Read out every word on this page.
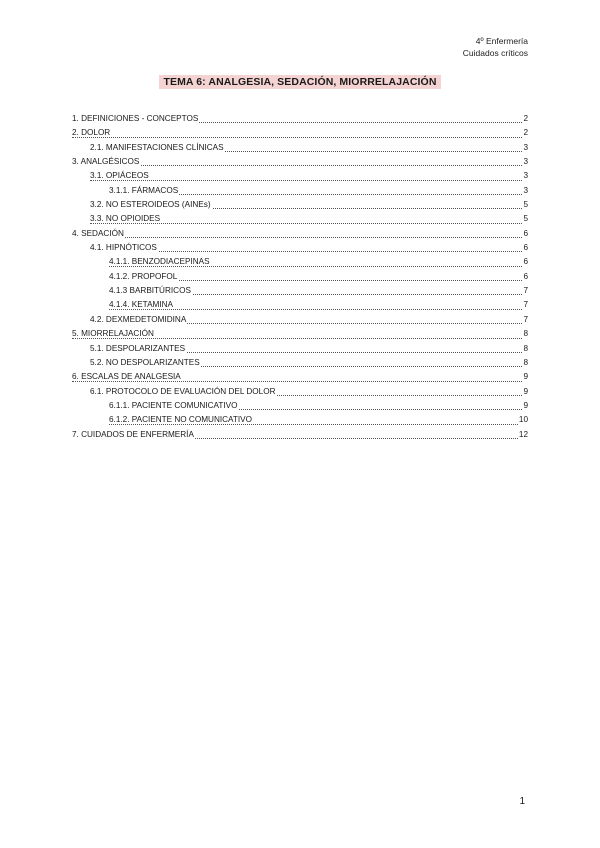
4º Enfermería
Cuidados críticos
TEMA 6: ANALGESIA, SEDACIÓN, MIORRELAJACIÓN
1. DEFINICIONES - CONCEPTOS	2
2. DOLOR	2
2.1. MANIFESTACIONES CLÍNICAS	3
3. ANALGÉSICOS	3
3.1. OPIÁCEOS	3
3.1.1. FÁRMACOS	3
3.2. NO ESTEROIDEOS (AINEs)	5
3.3. NO OPIOIDES	5
4. SEDACIÓN	6
4.1. HIPNÓTICOS	6
4.1.1. BENZODIACEPINAS	6
4.1.2. PROPOFOL	6
4.1.3 BARBITÚRICOS	7
4.1.4. KETAMINA	7
4.2. DEXMEDETOMIDINA	7
5. MIORRELAJACIÓN	8
5.1. DESPOLARIZANTES	8
5.2. NO DESPOLARIZANTES	8
6. ESCALAS DE ANALGESIA	9
6.1. PROTOCOLO DE EVALUACIÓN DEL DOLOR	9
6.1.1. PACIENTE COMUNICATIVO	9
6.1.2. PACIENTE NO COMUNICATIVO	10
7. CUIDADOS DE ENFERMERÍA	12
1
